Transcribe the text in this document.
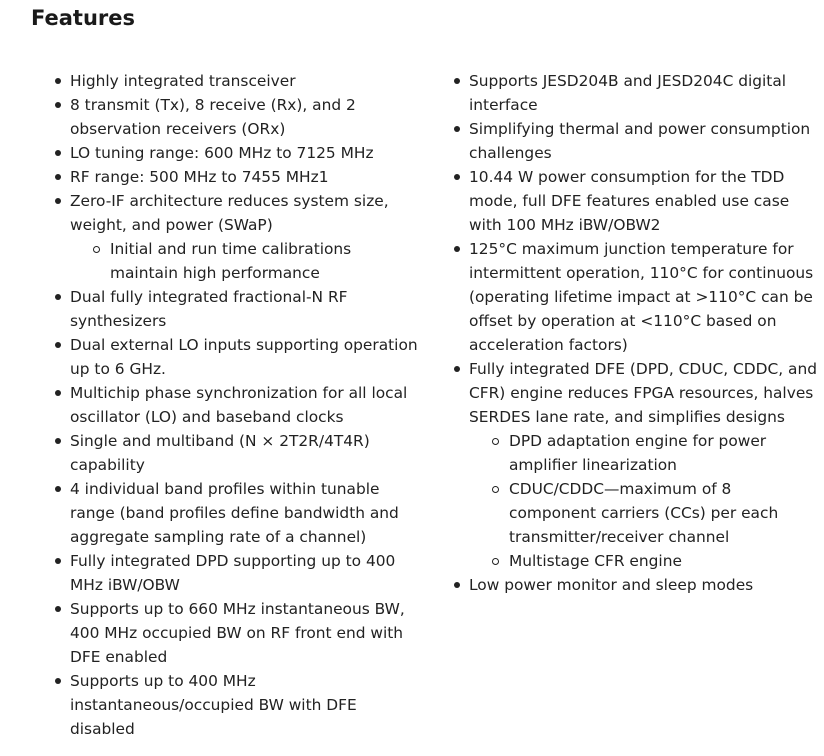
Features
Highly integrated transceiver
8 transmit (Tx), 8 receive (Rx), and 2 observation receivers (ORx)
LO tuning range: 600 MHz to 7125 MHz
RF range: 500 MHz to 7455 MHz1
Zero-IF architecture reduces system size, weight, and power (SWaP)
Initial and run time calibrations maintain high performance
Dual fully integrated fractional-N RF synthesizers
Dual external LO inputs supporting operation up to 6 GHz.
Multichip phase synchronization for all local oscillator (LO) and baseband clocks
Single and multiband (N × 2T2R/4T4R) capability
4 individual band profiles within tunable range (band profiles define bandwidth and aggregate sampling rate of a channel)
Fully integrated DPD supporting up to 400 MHz iBW/OBW
Supports up to 660 MHz instantaneous BW, 400 MHz occupied BW on RF front end with DFE enabled
Supports up to 400 MHz instantaneous/occupied BW with DFE disabled
Supports JESD204B and JESD204C digital interface
Simplifying thermal and power consumption challenges
10.44 W power consumption for the TDD mode, full DFE features enabled use case with 100 MHz iBW/OBW2
125°C maximum junction temperature for intermittent operation, 110°C for continuous (operating lifetime impact at >110°C can be offset by operation at <110°C based on acceleration factors)
Fully integrated DFE (DPD, CDUC, CDDC, and CFR) engine reduces FPGA resources, halves SERDES lane rate, and simplifies designs
DPD adaptation engine for power amplifier linearization
CDUC/CDDC—maximum of 8 component carriers (CCs) per each transmitter/receiver channel
Multistage CFR engine
Low power monitor and sleep modes
